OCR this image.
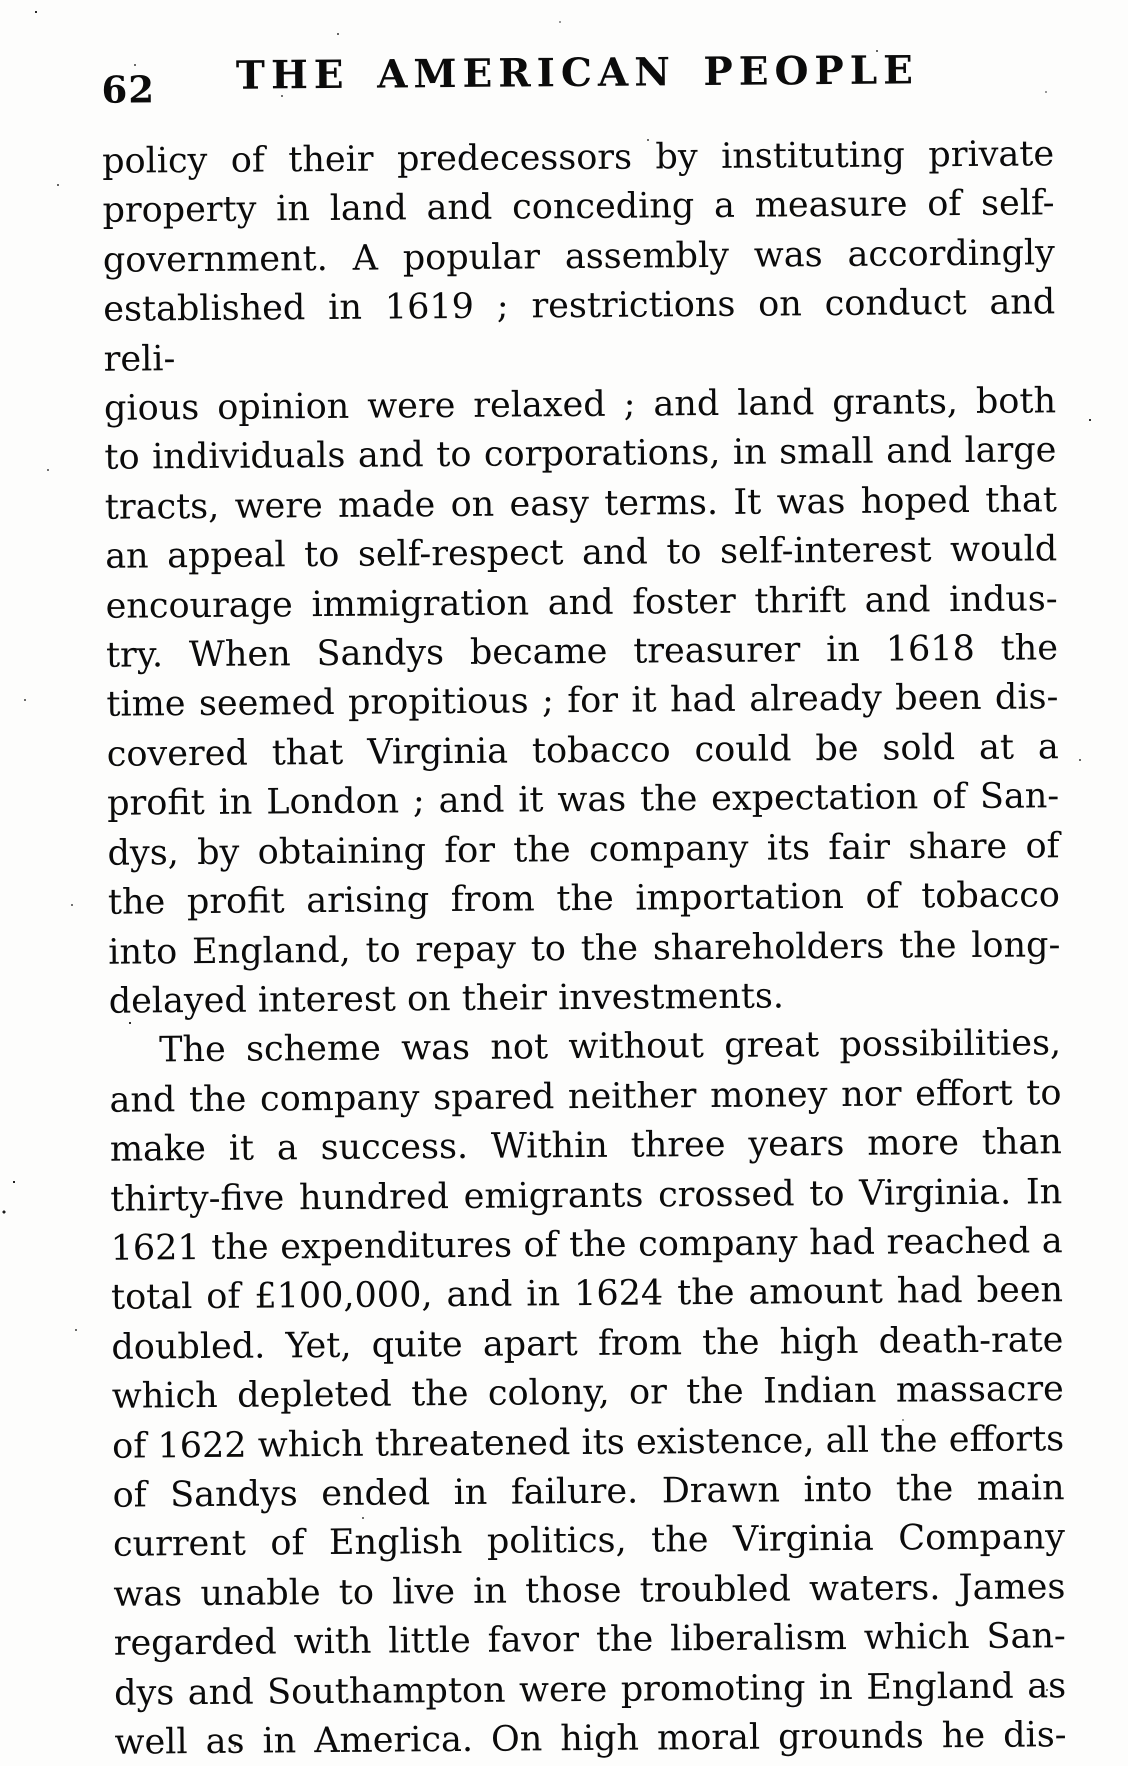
62	THE AMERICAN PEOPLE
policy of their predecessors by instituting private
property in land and conceding a measure of self-
government. A popular assembly was accordingly
established in 1619 ; restrictions on conduct and reli-
gious opinion were relaxed ; and land grants, both
to individuals and to corporations, in small and large
tracts, were made on easy terms. It was hoped that
an appeal to self-respect and to self-interest would
encourage immigration and foster thrift and indus-
try. When Sandys became treasurer in 1618 the
time seemed propitious ; for it had already been dis-
covered that Virginia tobacco could be sold at a
profit in London ; and it was the expectation of San-
dys, by obtaining for the company its fair share of
the profit arising from the importation of tobacco
into England, to repay to the shareholders the long-
delayed interest on their investments.
The scheme was not without great possibilities,
and the company spared neither money nor effort to
make it a success. Within three years more than
thirty-five hundred emigrants crossed to Virginia. In
1621 the expenditures of the company had reached a
total of £100,000, and in 1624 the amount had been
doubled. Yet, quite apart from the high death-rate
which depleted the colony, or the Indian massacre
of 1622 which threatened its existence, all the efforts
of Sandys ended in failure. Drawn into the main
current of English politics, the Virginia Company
was unable to live in those troubled waters. James
regarded with little favor the liberalism which San-
dys and Southampton were promoting in England as
well as in America. On high moral grounds he dis-
